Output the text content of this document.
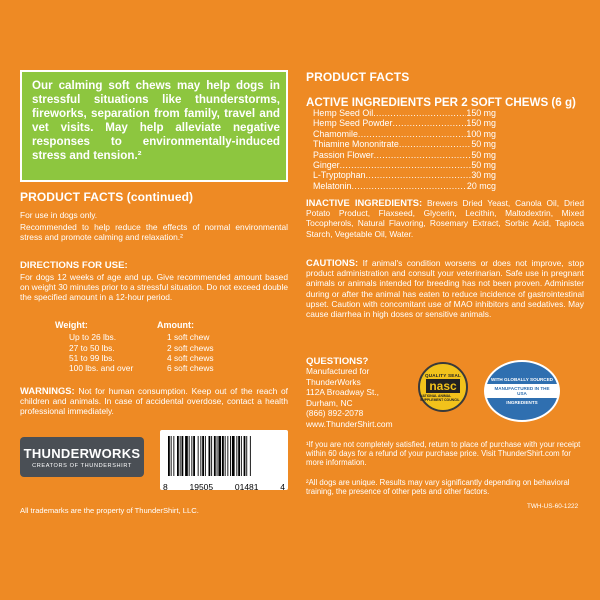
Our calming soft chews may help dogs in stressful situations like thunderstorms, fireworks, separation from family, travel and vet visits. May help alleviate negative responses to environmentally-induced stress and tension.²
PRODUCT FACTS (continued)
For use in dogs only.
Recommended to help reduce the effects of normal environmental stress and promote calming and relaxation.²
DIRECTIONS FOR USE:
For dogs 12 weeks of age and up. Give recommended amount based on weight 30 minutes prior to a stressful situation. Do not exceed double the specified amount in a 12-hour period.
Weight:	Amount:
Up to 26 lbs.	1 soft chew
27 to 50 lbs.	2 soft chews
51 to 99 lbs.	4 soft chews
100 lbs. and over	6 soft chews
WARNINGS: Not for human consumption. Keep out of the reach of children and animals. In case of accidental overdose, contact a health professional immediately.
THUNDERWORKS
CREATORS OF THUNDERSHIRT
8	19505	01481	4
All trademarks are the property of ThunderShirt, LLC.
PRODUCT FACTS
ACTIVE INGREDIENTS PER 2 SOFT CHEWS (6 g)
Hemp Seed Oil .....	150 mg
Hemp Seed Powder .....	150 mg
Chamomile .....	100 mg
Thiamine Mononitrate .....	50 mg
Passion Flower .....	50 mg
Ginger .....	50 mg
L-Tryptophan .....	30 mg
Melatonin .....	20 mcg
INACTIVE INGREDIENTS: Brewers Dried Yeast, Canola Oil, Dried Potato Product, Flaxseed, Glycerin, Lecithin, Maltodextrin, Mixed Tocopherols, Natural Flavoring, Rosemary Extract, Sorbic Acid, Tapioca Starch, Vegetable Oil, Water.
CAUTIONS: If animal's condition worsens or does not improve, stop product administration and consult your veterinarian. Safe use in pregnant animals or animals intended for breeding has not been proven. Administer during or after the animal has eaten to reduce incidence of gastrointestinal upset. Caution with concomitant use of MAO inhibitors and sedatives. May cause diarrhea in high doses or sensitive animals.
QUESTIONS?
Manufactured for
ThunderWorks
112A Broadway St.,
Durham, NC
(866) 892-2078
www.ThunderShirt.com
QUALITY SEAL
nasc
NATIONAL ANIMAL SUPPLEMENT COUNCIL
WITH GLOBALLY SOURCED
MANUFACTURED IN THE USA
INGREDIENTS
¹If you are not completely satisfied, return to place of purchase with your receipt within 60 days for a refund of your purchase price. Visit ThunderShirt.com for more information.
²All dogs are unique. Results may vary significantly depending on behavioral training, the presence of other pets and other factors.
TWH-US-60-1222
